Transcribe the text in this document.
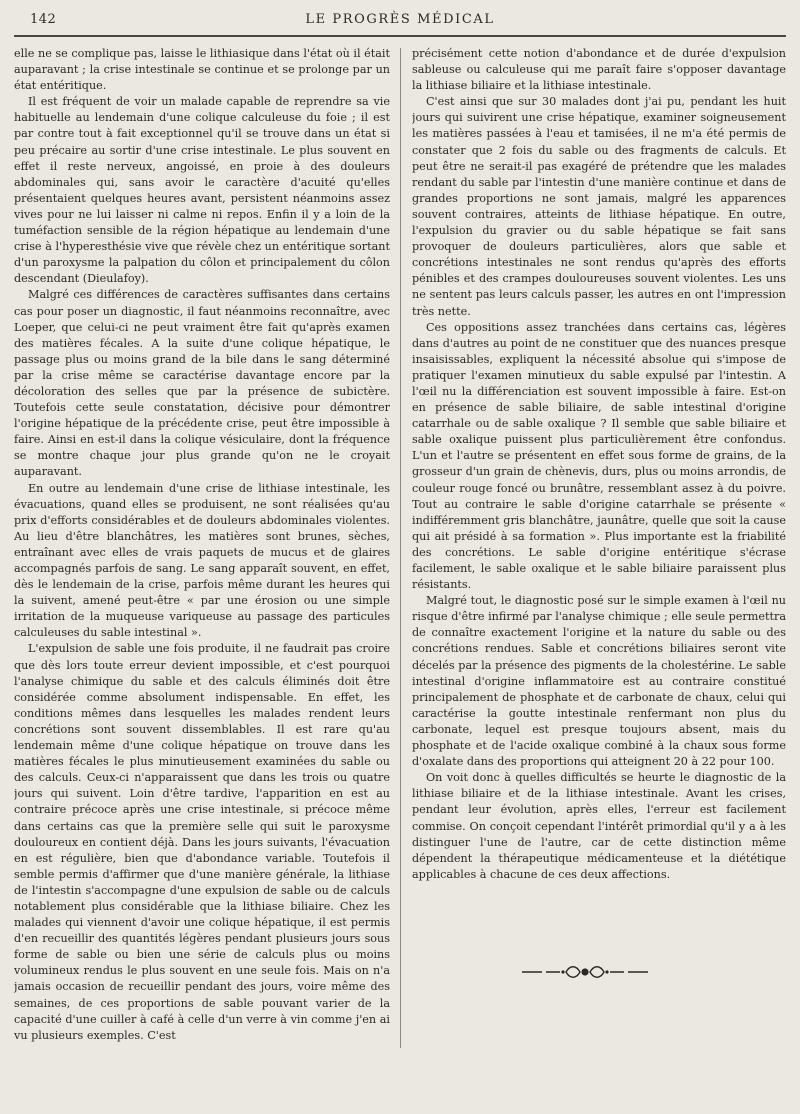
142	LE PROGRÈS MÉDICAL

elle ne se complique pas, laisse le lithiasique dans l'état où il était auparavant ; la crise intestinale se continue et se prolonge par un état entéritique.

Il est fréquent de voir un malade capable de reprendre sa vie habituelle au lendemain d'une colique calculeuse du foie ; il est par contre tout à fait exceptionnel qu'il se trouve dans un état si peu précaire au sortir d'une crise intestinale. Le plus souvent en effet il reste nerveux, angoissé, en proie à des douleurs abdominales qui, sans avoir le caractère d'acuité qu'elles présentaient quelques heures avant, persistent néanmoins assez vives pour ne lui laisser ni calme ni repos. Enfin il y a loin de la tuméfaction sensible de la région hépatique au lendemain d'une crise à l'hyperesthésie vive que révèle chez un entéritique sortant d'un paroxysme la palpation du côlon et principalement du côlon descendant (Dieulafoy).

Malgré ces différences de caractères suffisantes dans certains cas pour poser un diagnostic, il faut néanmoins reconnaître, avec Loeper, que celui-ci ne peut vraiment être fait qu'après examen des matières fécales. A la suite d'une colique hépatique, le passage plus ou moins grand de la bile dans le sang déterminé par la crise même se caractérise davantage encore par la décoloration des selles que par la présence de subictère. Toutefois cette seule constatation, décisive pour démontrer l'origine hépatique de la précédente crise, peut être impossible à faire. Ainsi en est-il dans la colique vésiculaire, dont la fréquence se montre chaque jour plus grande qu'on ne le croyait auparavant.

En outre au lendemain d'une crise de lithiase intestinale, les évacuations, quand elles se produisent, ne sont réalisées qu'au prix d'efforts considérables et de douleurs abdominales violentes. Au lieu d'être blanchâtres, les matières sont brunes, sèches, entraînant avec elles de vrais paquets de mucus et de glaires accompagnés parfois de sang. Le sang apparaît souvent, en effet, dès le lendemain de la crise, parfois même durant les heures qui la suivent, amené peut-être « par une érosion ou une simple irritation de la muqueuse variqueuse au passage des particules calculeuses du sable intestinal ».

L'expulsion de sable une fois produite, il ne faudrait pas croire que dès lors toute erreur devient impossible, et c'est pourquoi l'analyse chimique du sable et des calculs éliminés doit être considérée comme absolument indispensable. En effet, les conditions mêmes dans lesquelles les malades rendent leurs concrétions sont souvent dissemblables. Il est rare qu'au lendemain même d'une colique hépatique on trouve dans les matières fécales le plus minutieusement examinées du sable ou des calculs. Ceux-ci n'apparaissent que dans les trois ou quatre jours qui suivent. Loin d'être tardive, l'apparition en est au contraire précoce après une crise intestinale, si précoce même dans certains cas que la première selle qui suit le paroxysme douloureux en contient déjà. Dans les jours suivants, l'évacuation en est régulière, bien que d'abondance variable. Toutefois il semble permis d'affirmer que d'une manière générale, la lithiase de l'intestin s'accompagne d'une expulsion de sable ou de calculs notablement plus considérable que la lithiase biliaire. Chez les malades qui viennent d'avoir une colique hépatique, il est permis d'en recueillir des quantités légères pendant plusieurs jours sous forme de sable ou bien une série de calculs plus ou moins volumineux rendus le plus souvent en une seule fois. Mais on n'a jamais occasion de recueillir pendant des jours, voire même des semaines, de ces proportions de sable pouvant varier de la capacité d'une cuiller à café à celle d'un verre à vin comme j'en ai vu plusieurs exemples. C'est

précisément cette notion d'abondance et de durée d'expulsion sableuse ou calculeuse qui me paraît faire s'opposer davantage la lithiase biliaire et la lithiase intestinale.

C'est ainsi que sur 30 malades dont j'ai pu, pendant les huit jours qui suivirent une crise hépatique, examiner soigneusement les matières passées à l'eau et tamisées, il ne m'a été permis de constater que 2 fois du sable ou des fragments de calculs. Et peut être ne serait-il pas exagéré de prétendre que les malades rendant du sable par l'intestin d'une manière continue et dans de grandes proportions ne sont jamais, malgré les apparences souvent contraires, atteints de lithiase hépatique. En outre, l'expulsion du gravier ou du sable hépatique se fait sans provoquer de douleurs particulières, alors que sable et concrétions intestinales ne sont rendus qu'après des efforts pénibles et des crampes douloureuses souvent violentes. Les uns ne sentent pas leurs calculs passer, les autres en ont l'impression très nette.

Ces oppositions assez tranchées dans certains cas, légères dans d'autres au point de ne constituer que des nuances presque insaisissables, expliquent la nécessité absolue qui s'impose de pratiquer l'examen minutieux du sable expulsé par l'intestin. A l'œil nu la différenciation est souvent impossible à faire. Est-on en présence de sable biliaire, de sable intestinal d'origine catarrhale ou de sable oxalique ? Il semble que sable biliaire et sable oxalique puissent plus particulièrement être confondus. L'un et l'autre se présentent en effet sous forme de grains, de la grosseur d'un grain de chènevis, durs, plus ou moins arrondis, de couleur rouge foncé ou brunâtre, ressemblant assez à du poivre. Tout au contraire le sable d'origine catarrhale se présente « indifféremment gris blanchâtre, jaunâtre, quelle que soit la cause qui ait présidé à sa formation ». Plus importante est la friabilité des concrétions. Le sable d'origine entéritique s'écrase facilement, le sable oxalique et le sable biliaire paraissent plus résistants.

Malgré tout, le diagnostic posé sur le simple examen à l'œil nu risque d'être infirmé par l'analyse chimique ; elle seule permettra de connaître exactement l'origine et la nature du sable ou des concrétions rendues. Sable et concrétions biliaires seront vite décelés par la présence des pigments de la cholestérine. Le sable intestinal d'origine inflammatoire est au contraire constitué principalement de phosphate et de carbonate de chaux, celui qui caractérise la goutte intestinale renfermant non plus du carbonate, lequel est presque toujours absent, mais du phosphate et de l'acide oxalique combiné à la chaux sous forme d'oxalate dans des proportions qui atteignent 20 à 22 pour 100.

On voit donc à quelles difficultés se heurte le diagnostic de la lithiase biliaire et de la lithiase intestinale. Avant les crises, pendant leur évolution, après elles, l'erreur est facilement commise. On conçoit cependant l'intérêt primordial qu'il y a à les distinguer l'une de l'autre, car de cette distinction même dépendent la thérapeutique médicamenteuse et la diététique applicables à chacune de ces deux affections.
